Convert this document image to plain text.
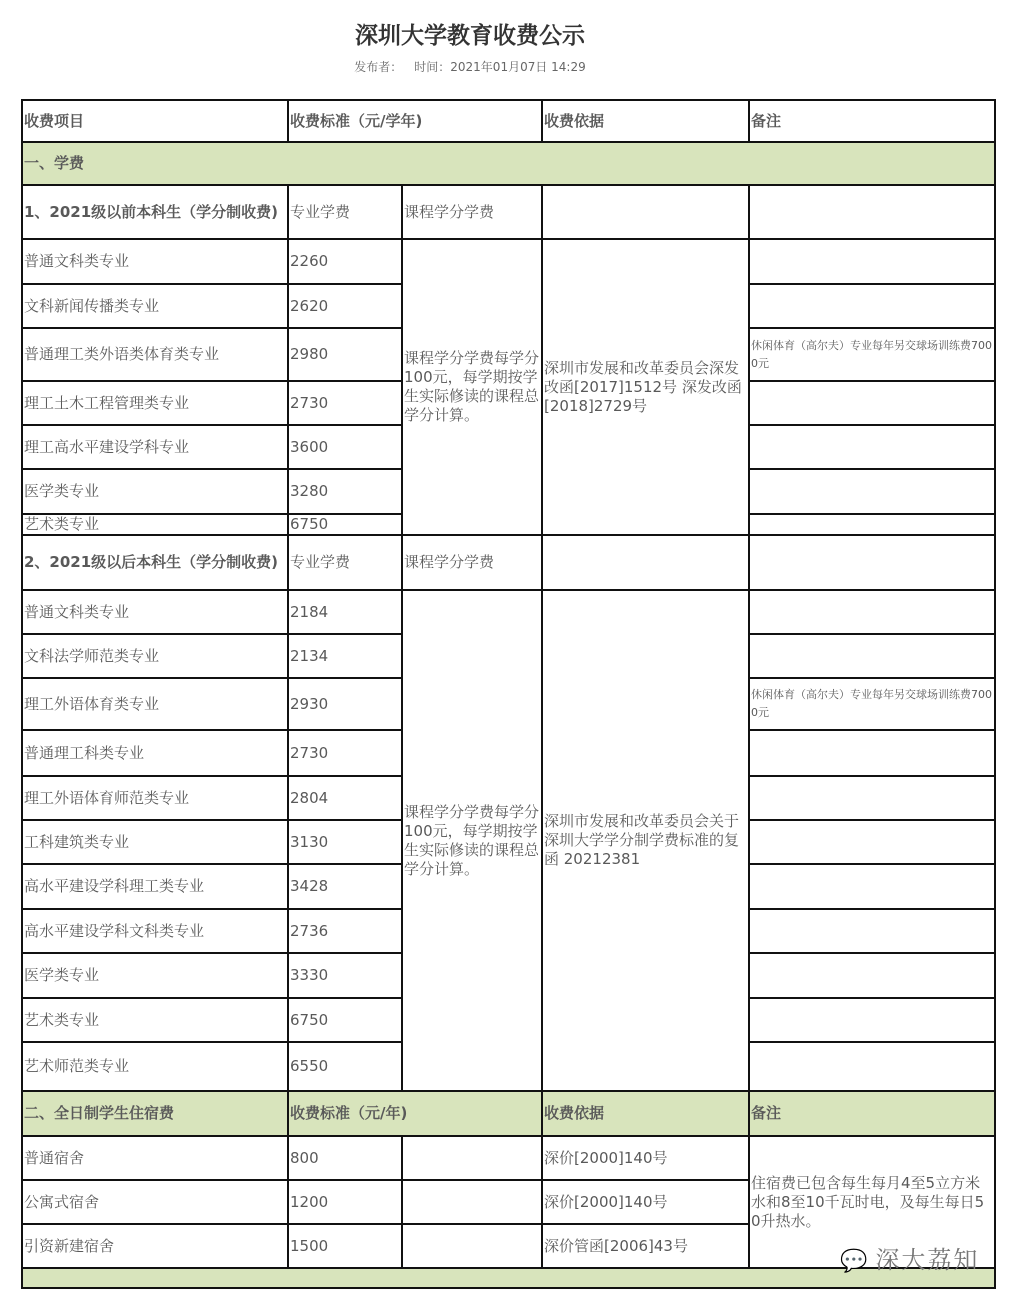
深圳大学教育收费公示
发布者： 时间：2021年01月07日 14:29
收费项目	收费标准（元/学年)		收费依据	备注
一、学费				
1、2021级以前本科生（学分制收费)	专业学费	课程学分学费		
普通文科类专业	2260	课程学分学费每学分100元，每学期按学生实际修读的课程总学分计算。	深圳市发展和改革委员会深发改函[2017]1512号 深发改函[2018]2729号	
文科新闻传播类专业	2620			
普通理工类外语类体育类专业	2980			休闲体育（高尔夫）专业每年另交球场训练费7000元
理工土木工程管理类专业	2730			
理工高水平建设学科专业	3600			
医学类专业	3280			
艺术类专业	6750			
2、2021级以后本科生（学分制收费)	专业学费	课程学分学费		
普通文科类专业	2184	课程学分学费每学分100元，每学期按学生实际修读的课程总学分计算。	深圳市发展和改革委员会关于深圳大学学分制学费标准的复函 20212381	
文科法学师范类专业	2134			
理工外语体育类专业	2930			休闲体育（高尔夫）专业每年另交球场训练费7000元
普通理工科类专业	2730			
理工外语体育师范类专业	2804			
工科建筑类专业	3130			
高水平建设学科理工类专业	3428			
高水平建设学科文科类专业	2736			
医学类专业	3330			
艺术类专业	6750			
艺术师范类专业	6550			
二、全日制学生住宿费	收费标准（元/年)		收费依据	备注
普通宿舍	800		深价[2000]140号	住宿费已包含每生每月4至5立方米水和8至10千瓦时电，及每生每日50升热水。
公寓式宿舍	1200		深价[2000]140号	
引资新建宿舍	1500		深价管函[2006]43号	

💬 深大荔知
